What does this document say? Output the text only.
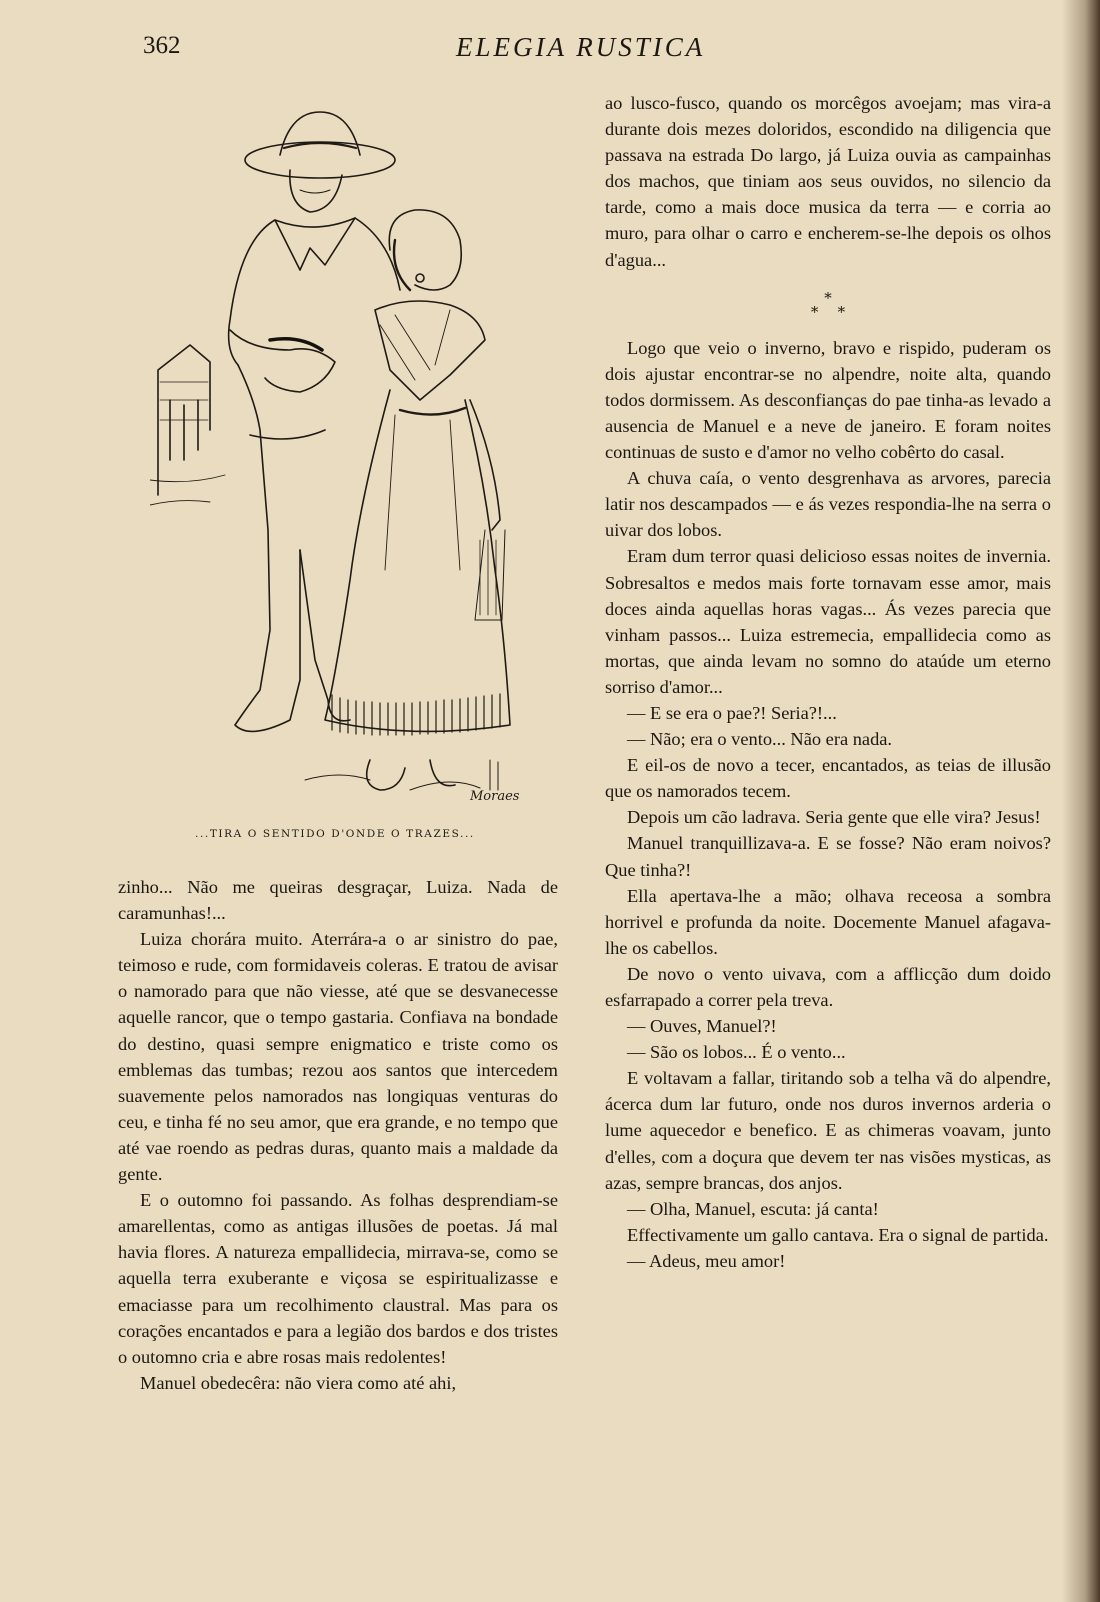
362	ELEGIA RUSTICA
Moraes
...TIRA O SENTIDO D'ONDE O TRAZES...

zinho... Não me queiras desgraçar, Luiza. Nada de caramunhas!...

Luiza chorára muito. Aterrára-a o ar sinistro do pae, teimoso e rude, com formidaveis coleras. E tratou de avisar o namorado para que não viesse, até que se desvanecesse aquelle rancor, que o tempo gastaria. Confiava na bondade do destino, quasi sempre enigmatico e triste como os emblemas das tumbas; rezou aos santos que intercedem suavemente pelos namorados nas longiquas venturas do ceu, e tinha fé no seu amor, que era grande, e no tempo que até vae roendo as pedras duras, quanto mais a maldade da gente.

E o outomno foi passando. As folhas desprendiam-se amarellentas, como as antigas illusões de poetas. Já mal havia flores. A natureza empallidecia, mirrava-se, como se aquella terra exuberante e viçosa se espiritualizasse e emaciasse para um recolhimento claustral. Mas para os corações encantados e para a legião dos bardos e dos tristes o outomno cria e abre rosas mais redolentes!

Manuel obedecêra: não viera como até ahi,

ao lusco-fusco, quando os morcêgos avoejam; mas vira-a durante dois mezes doloridos, escondido na diligencia que passava na estrada Do largo, já Luiza ouvia as campainhas dos machos, que tiniam aos seus ouvidos, no silencio da tarde, como a mais doce musica da terra — e corria ao muro, para olhar o carro e encherem-se-lhe depois os olhos d'agua...

*
* *

Logo que veio o inverno, bravo e rispido, puderam os dois ajustar encontrar-se no alpendre, noite alta, quando todos dormissem. As desconfianças do pae tinha-as levado a ausencia de Manuel e a neve de janeiro. E foram noites continuas de susto e d'amor no velho cobêrto do casal.

A chuva caía, o vento desgrenhava as arvores, parecia latir nos descampados — e ás vezes respondia-lhe na serra o uivar dos lobos.

Eram dum terror quasi delicioso essas noites de invernia. Sobresaltos e medos mais forte tornavam esse amor, mais doces ainda aquellas horas vagas... Ás vezes parecia que vinham passos... Luiza estremecia, empallidecia como as mortas, que ainda levam no somno do ataúde um eterno sorriso d'amor...

— E se era o pae?! Seria?!...

— Não; era o vento... Não era nada.

E eil-os de novo a tecer, encantados, as teias de illusão que os namorados tecem.

Depois um cão ladrava. Seria gente que elle vira? Jesus!

Manuel tranquillizava-a. E se fosse? Não eram noivos? Que tinha?!

Ella apertava-lhe a mão; olhava receosa a sombra horrivel e profunda da noite. Docemente Manuel afagava-lhe os cabellos.

De novo o vento uivava, com a afflicção dum doido esfarrapado a correr pela treva.

— Ouves, Manuel?!

— São os lobos... É o vento...

E voltavam a fallar, tiritando sob a telha vã do alpendre, ácerca dum lar futuro, onde nos duros invernos arderia o lume aquecedor e benefico. E as chimeras voavam, junto d'elles, com a doçura que devem ter nas visões mysticas, as azas, sempre brancas, dos anjos.

— Olha, Manuel, escuta: já canta!

Effectivamente um gallo cantava. Era o signal de partida.

— Adeus, meu amor!
